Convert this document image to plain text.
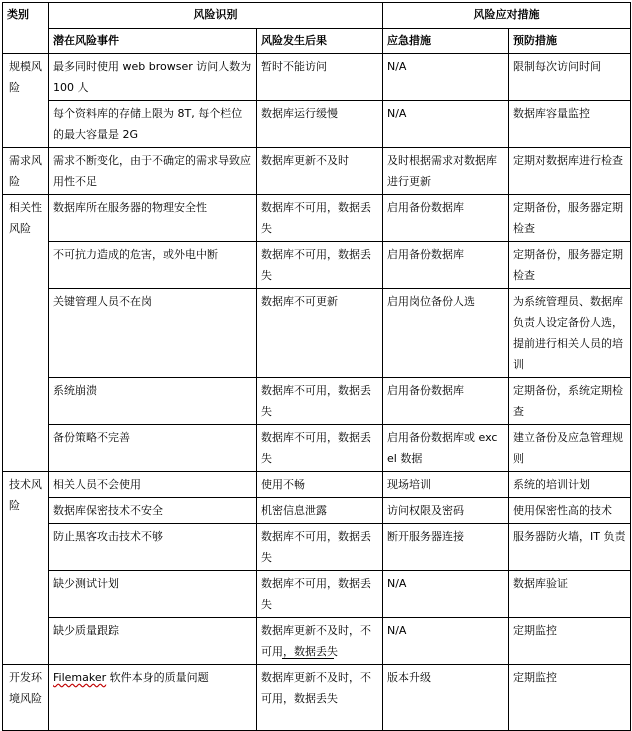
类别	风险识别		风险应对措施	
	潜在风险事件	风险发生后果	应急措施	预防措施
规模风险	最多同时使用 web browser 访问人数为 100 人	暂时不能访问	N/A	限制每次访问时间
	每个资料库的存储上限为 8T, 每个栏位的最大容量是 2G	数据库运行缓慢	N/A	数据库容量监控
需求风险	需求不断变化，由于不确定的需求导致应用性不足	数据库更新不及时	及时根据需求对数据库进行更新	定期对数据库进行检查
相关性风险	数据库所在服务器的物理安全性	数据库不可用，数据丢失	启用备份数据库	定期备份，服务器定期检查
	不可抗力造成的危害，或外电中断	数据库不可用，数据丢失	启用备份数据库	定期备份，服务器定期检查
	关键管理人员不在岗	数据库不可更新	启用岗位备份人选	为系统管理员、数据库负责人设定备份人选，提前进行相关人员的培训
	系统崩溃	数据库不可用，数据丢失	启用备份数据库	定期备份，系统定期检查
	备份策略不完善	数据库不可用，数据丢失	启用备份数据库或 excel 数据	建立备份及应急管理规则
技术风险	相关人员不会使用	使用不畅	现场培训	系统的培训计划
	数据库保密技术不安全	机密信息泄露	访问权限及密码	使用保密性高的技术
	防止黑客攻击技术不够	数据库不可用，数据丢失	断开服务器连接	服务器防火墙，IT 负责
	缺少测试计划	数据库不可用，数据丢失	N/A	数据库验证
	缺少质量跟踪	数据库更新不及时，不可用，数据丢失	N/A	定期监控
开发环境风险	Filemaker 软件本身的质量问题	数据库更新不及时，不可用，数据丢失	版本升级	定期监控
